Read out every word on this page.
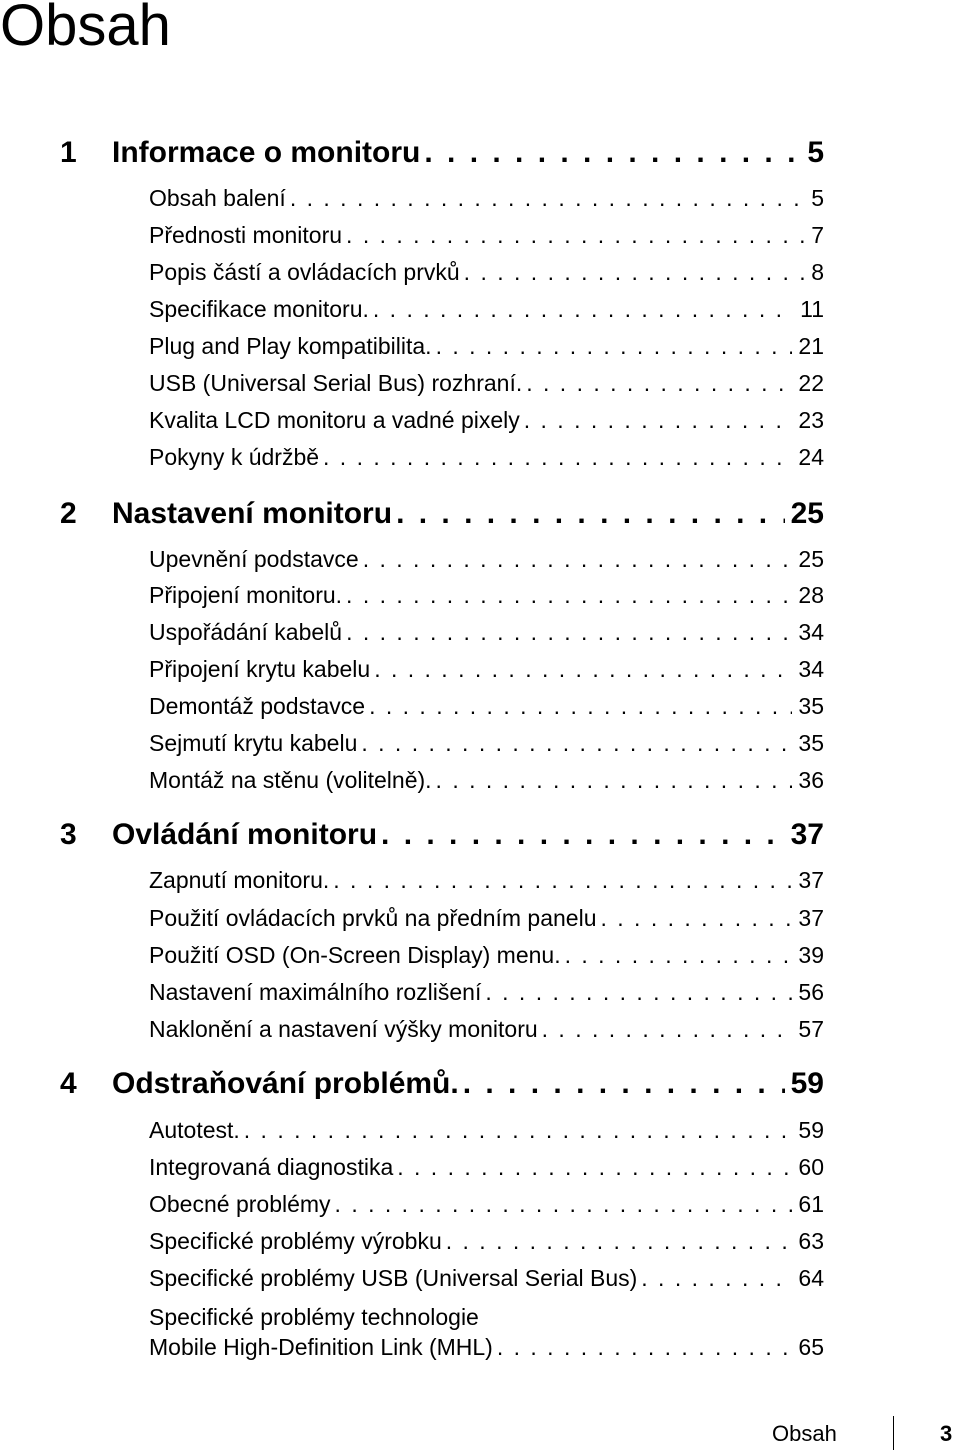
Obsah
1	Informace o monitoru . . .	5
Obsah balení . . .	5
Přednosti monitoru . . .	7
Popis částí a ovládacích prvků . . .	8
Specifikace monitoru. . . .	11
Plug and Play kompatibilita. . . .	21
USB (Universal Serial Bus) rozhraní. . . .	22
Kvalita LCD monitoru a vadné pixely . . .	23
Pokyny k údržbě . . .	24
2	Nastavení monitoru . . .	25
Upevnění podstavce . . .	25
Připojení monitoru. . . .	28
Uspořádání kabelů . . .	34
Připojení krytu kabelu . . .	34
Demontáž podstavce . . .	35
Sejmutí krytu kabelu . . .	35
Montáž na stěnu (volitelně). . . .	36
3	Ovládání monitoru . . .	37
Zapnutí monitoru. . . .	37
Použití ovládacích prvků na předním panelu . . .	37
Použití OSD (On-Screen Display) menu. . . .	39
Nastavení maximálního rozlišení . . .	56
Naklonění a nastavení výšky monitoru . . .	57
4	Odstraňování problémů. . . .	59
Autotest. . . .	59
Integrovaná diagnostika . . .	60
Obecné problémy . . .	61
Specifické problémy výrobku . . .	63
Specifické problémy USB (Universal Serial Bus) . . .	64
Specifické problémy technologie
Mobile High-Definition Link (MHL) . . .	65
Obsah	3
